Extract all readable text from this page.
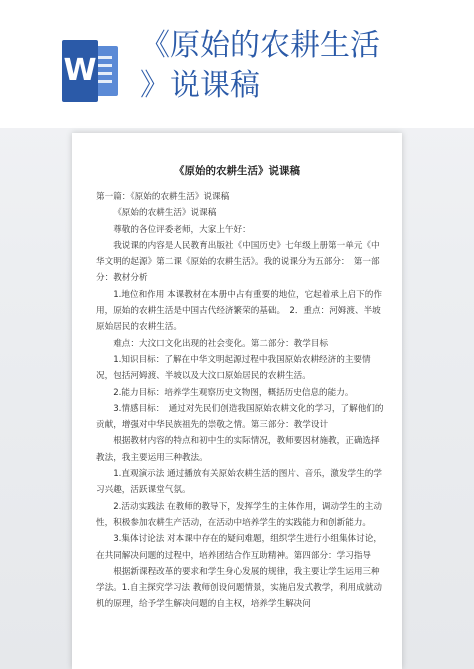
W
《原始的农耕生活
》说课稿
《原始的农耕生活》说课稿

第一篇：《原始的农耕生活》说课稿

《原始的农耕生活》说课稿

尊敬的各位评委老师，大家上午好：

我说课的内容是人民教育出版社《中国历史》七年级上册第一单元《中华文明的起源》第二课《原始的农耕生活》。我的说课分为五部分：　第一部分：教材分析

1.地位和作用 本课教材在本册中占有重要的地位，它起着承上启下的作用，原始的农耕生活是中国古代经济繁荣的基础。　2．重点：河姆渡、半坡原始居民的农耕生活。

难点：大汶口文化出现的社会变化。第二部分：教学目标

1.知识目标：了解在中华文明起源过程中我国原始农耕经济的主要情况，包括河姆渡、半坡以及大汶口原始居民的农耕生活。

2.能力目标：培养学生观察历史文物图，概括历史信息的能力。

3.情感目标：　通过对先民们创造我国原始农耕文化的学习，了解他们的贡献，增强对中华民族祖先的崇敬之情。第三部分：教学设计

根据教材内容的特点和初中生的实际情况，教师要因材施教，正确选择教法，我主要运用三种教法。

1.直观演示法 通过播放有关原始农耕生活的图片、音乐，激发学生的学习兴趣，活跃课堂气氛。

2.活动实践法 在教师的教导下，发挥学生的主体作用，调动学生的主动性，积极参加农耕生产活动，在活动中培养学生的实践能力和创新能力。

3.集体讨论法 对本课中存在的疑问难题，组织学生进行小组集体讨论，在共同解决问题的过程中，培养团结合作互助精神。第四部分：学习指导

根据新课程改革的要求和学生身心发展的规律，我主要让学生运用三种学法。1.自主探究学习法 教师创设问题情景，实施启发式教学，利用成就动机的原理，给予学生解决问题的自主权，培养学生解决问
